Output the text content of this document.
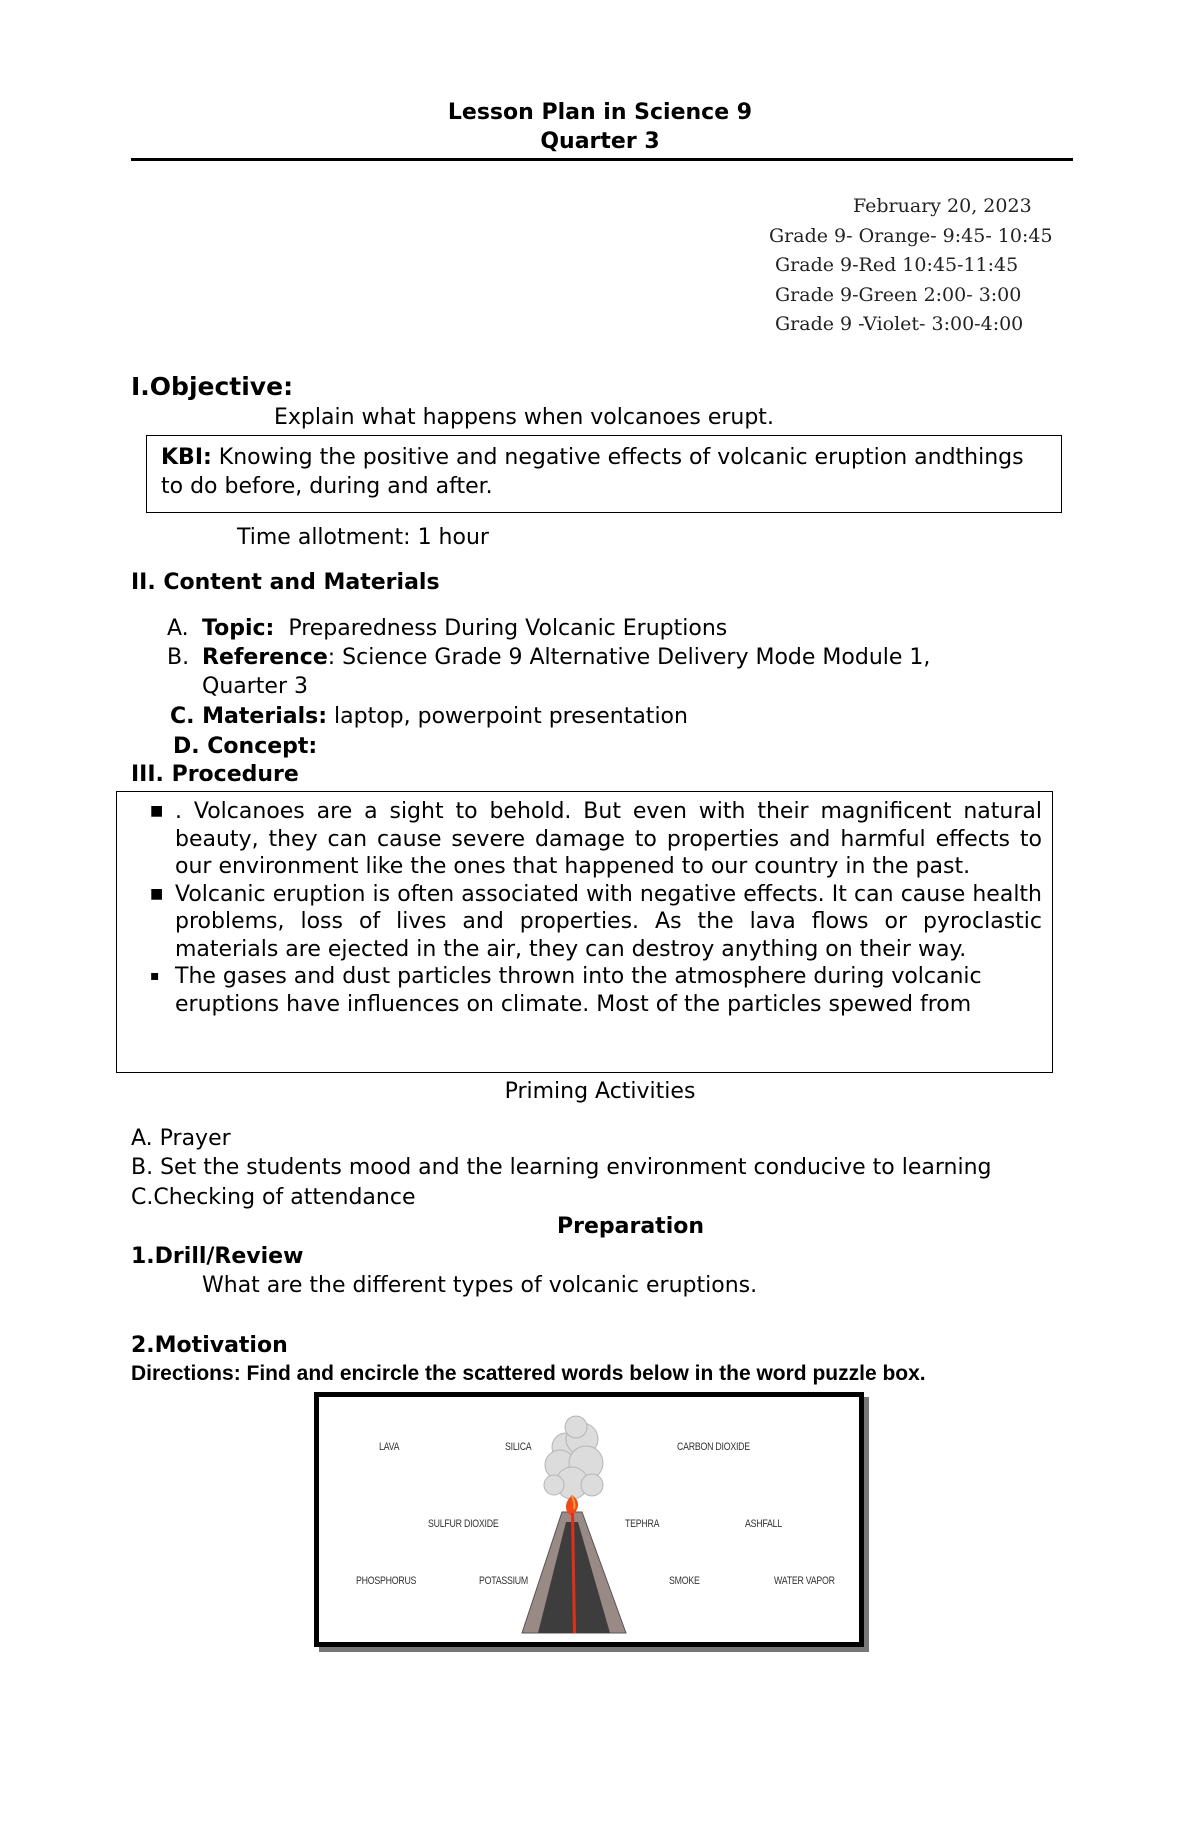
Lesson Plan in Science 9
Quarter 3
February 20, 2023
Grade 9- Orange- 9:45- 10:45
Grade 9-Red 10:45-11:45
Grade 9-Green 2:00- 3:00
Grade 9 -Violet- 3:00-4:00
I.Objective:
Explain what happens when volcanoes erupt.
KBI: Knowing the positive and negative effects of volcanic eruption andthings to do before, during and after.
Time allotment: 1 hour
II. Content and Materials
A. Topic:  Preparedness During Volcanic Eruptions
B. Reference: Science Grade 9 Alternative Delivery Mode Module 1,
Quarter 3
C. Materials: laptop, powerpoint presentation
D. Concept:
III. Procedure
■ . Volcanoes are a sight to behold. But even with their magnificent natural beauty, they can cause severe damage to properties and harmful effects to our environment like the ones that happened to our country in the past.
■ Volcanic eruption is often associated with negative effects. It can cause health problems, loss of lives and properties. As the lava flows or pyroclastic materials are ejected in the air, they can destroy anything on their way.
▪ The gases and dust particles thrown into the atmosphere during volcanic eruptions have influences on climate. Most of the particles spewed from
Priming Activities
A. Prayer
B. Set the students mood and the learning environment conducive to learning
C.Checking of attendance
Preparation
1.Drill/Review
What are the different types of volcanic eruptions.
2.Motivation
Directions: Find and encircle the scattered words below in the word puzzle box.
LAVA	SILICA	CARBON DIOXIDE
SULFUR DIOXIDE	TEPHRA	ASHFALL
PHOSPHORUS	POTASSIUM	SMOKE	WATER VAPOR
